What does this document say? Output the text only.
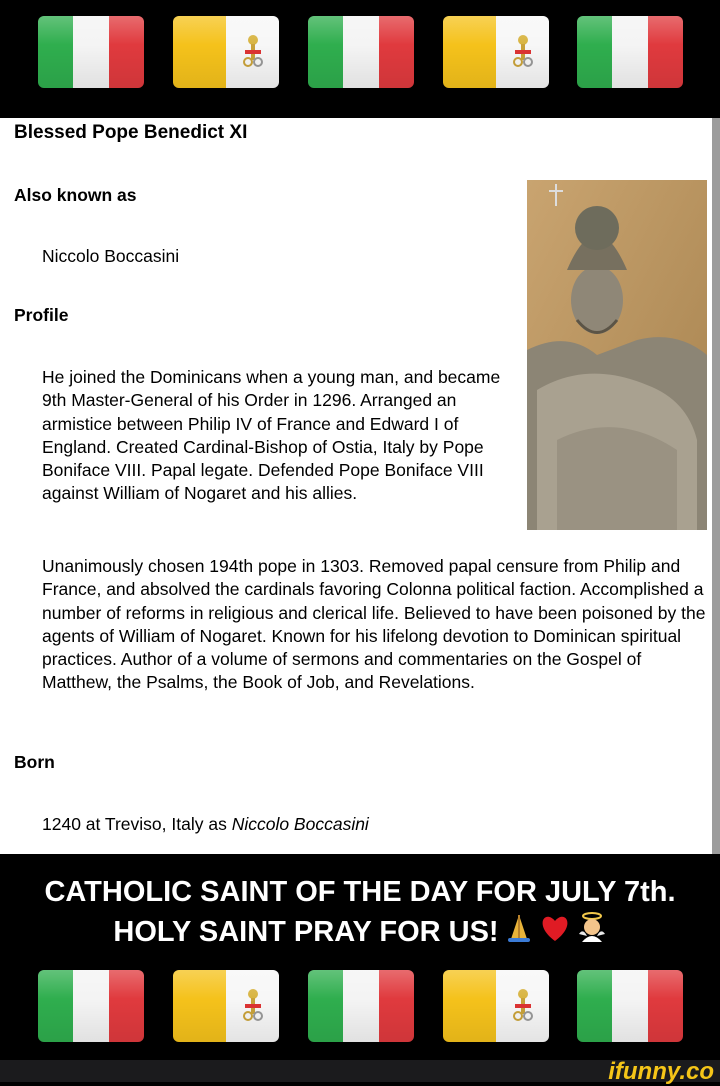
Blessed Pope Benedict XI
Also known as
Niccolo Boccasini
Profile
He joined the Dominicans when a young man, and became 9th Master-General of his Order in 1296. Arranged an armistice between Philip IV of France and Edward I of England. Created Cardinal-Bishop of Ostia, Italy by Pope Boniface VIII. Papal legate. Defended Pope Boniface VIII against William of Nogaret and his allies.
Unanimously chosen 194th pope in 1303. Removed papal censure from Philip and France, and absolved the cardinals favoring Colonna political faction. Accomplished a number of reforms in religious and clerical life. Believed to have been poisoned by the agents of William of Nogaret. Known for his lifelong devotion to Dominican spiritual practices. Author of a volume of sermons and commentaries on the Gospel of Matthew, the Psalms, the Book of Job, and Revelations.
Born
1240 at Treviso, Italy as Niccolo Boccasini
CATHOLIC SAINT OF THE DAY FOR JULY 7th.
HOLY SAINT PRAY FOR US!
ifunny.co
